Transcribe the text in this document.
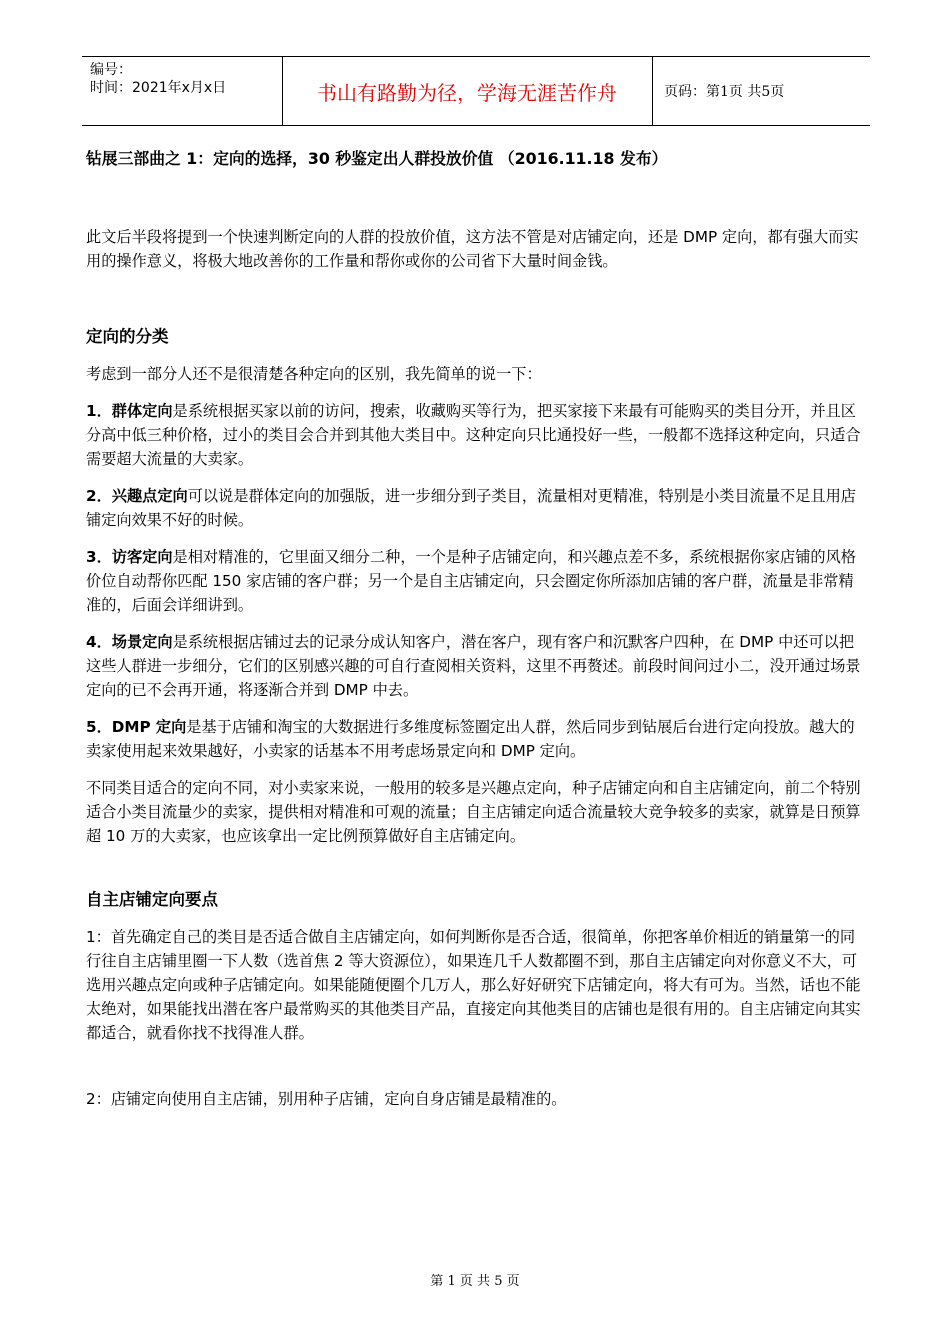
编号：
时间：2021年x月x日	书山有路勤为径，学海无涯苦作舟	页码：第1页 共5页

钻展三部曲之 1：定向的选择，30 秒鉴定出人群投放价值 （2016.11.18 发布）

此文后半段将提到一个快速判断定向的人群的投放价值，这方法不管是对店铺定向，还是 DMP 定向，都有强大而实用的操作意义，将极大地改善你的工作量和帮你或你的公司省下大量时间金钱。

定向的分类

考虑到一部分人还不是很清楚各种定向的区别，我先简单的说一下：

1．群体定向是系统根据买家以前的访问，搜索，收藏购买等行为，把买家接下来最有可能购买的类目分开，并且区分高中低三种价格，过小的类目会合并到其他大类目中。这种定向只比通投好一些，一般都不选择这种定向，只适合需要超大流量的大卖家。

2．兴趣点定向可以说是群体定向的加强版，进一步细分到子类目，流量相对更精准，特别是小类目流量不足且用店铺定向效果不好的时候。

3．访客定向是相对精准的，它里面又细分二种，一个是种子店铺定向，和兴趣点差不多，系统根据你家店铺的风格价位自动帮你匹配 150 家店铺的客户群；另一个是自主店铺定向，只会圈定你所添加店铺的客户群，流量是非常精准的，后面会详细讲到。

4．场景定向是系统根据店铺过去的记录分成认知客户，潜在客户，现有客户和沉默客户四种，在 DMP 中还可以把这些人群进一步细分，它们的区别感兴趣的可自行查阅相关资料，这里不再赘述。前段时间问过小二，没开通过场景定向的已不会再开通，将逐渐合并到 DMP 中去。

5．DMP 定向是基于店铺和淘宝的大数据进行多维度标签圈定出人群，然后同步到钻展后台进行定向投放。越大的卖家使用起来效果越好，小卖家的话基本不用考虑场景定向和 DMP 定向。

不同类目适合的定向不同，对小卖家来说，一般用的较多是兴趣点定向，种子店铺定向和自主店铺定向，前二个特别适合小类目流量少的卖家，提供相对精准和可观的流量；自主店铺定向适合流量较大竞争较多的卖家，就算是日预算超 10 万的大卖家，也应该拿出一定比例预算做好自主店铺定向。

自主店铺定向要点

1：首先确定自己的类目是否适合做自主店铺定向，如何判断你是否合适，很简单，你把客单价相近的销量第一的同行往自主店铺里圈一下人数（选首焦 2 等大资源位），如果连几千人数都圈不到，那自主店铺定向对你意义不大，可选用兴趣点定向或种子店铺定向。如果能随便圈个几万人，那么好好研究下店铺定向，将大有可为。当然，话也不能太绝对，如果能找出潜在客户最常购买的其他类目产品，直接定向其他类目的店铺也是很有用的。自主店铺定向其实都适合，就看你找不找得准人群。

2：店铺定向使用自主店铺，别用种子店铺，定向自身店铺是最精准的。

第 1 页 共 5 页
